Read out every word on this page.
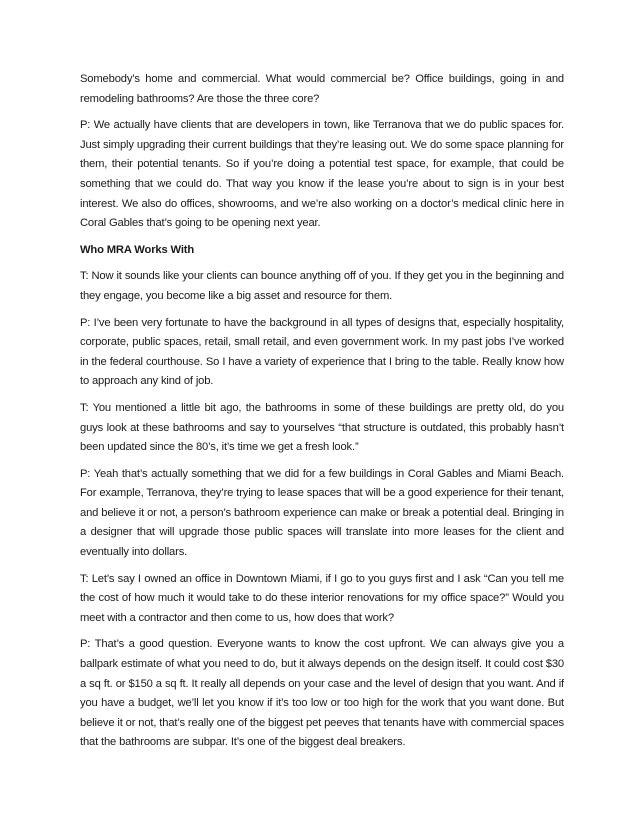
Somebody’s home and commercial. What would commercial be? Office buildings, going in and remodeling bathrooms? Are those the three core?

P: We actually have clients that are developers in town, like Terranova that we do public spaces for. Just simply upgrading their current buildings that they’re leasing out. We do some space planning for them, their potential tenants. So if you’re doing a potential test space, for example, that could be something that we could do. That way you know if the lease you’re about to sign is in your best interest. We also do offices, showrooms, and we’re also working on a doctor’s medical clinic here in Coral Gables that’s going to be opening next year.

Who MRA Works With

T: Now it sounds like your clients can bounce anything off of you. If they get you in the beginning and they engage, you become like a big asset and resource for them.

P: I’ve been very fortunate to have the background in all types of designs that, especially hospitality, corporate, public spaces, retail, small retail, and even government work. In my past jobs I’ve worked in the federal courthouse. So I have a variety of experience that I bring to the table. Really know how to approach any kind of job.

T: You mentioned a little bit ago, the bathrooms in some of these buildings are pretty old, do you guys look at these bathrooms and say to yourselves “that structure is outdated, this probably hasn’t been updated since the 80’s, it’s time we get a fresh look.”

P: Yeah that’s actually something that we did for a few buildings in Coral Gables and Miami Beach. For example, Terranova, they’re trying to lease spaces that will be a good experience for their tenant, and believe it or not, a person’s bathroom experience can make or break a potential deal. Bringing in a designer that will upgrade those public spaces will translate into more leases for the client and eventually into dollars.

T: Let’s say I owned an office in Downtown Miami, if I go to you guys first and I ask “Can you tell me the cost of how much it would take to do these interior renovations for my office space?” Would you meet with a contractor and then come to us, how does that work?

P: That’s a good question. Everyone wants to know the cost upfront. We can always give you a ballpark estimate of what you need to do, but it always depends on the design itself. It could cost $30 a sq ft. or $150 a sq ft. It really all depends on your case and the level of design that you want. And if you have a budget, we’ll let you know if it’s too low or too high for the work that you want done. But believe it or not, that’s really one of the biggest pet peeves that tenants have with commercial spaces that the bathrooms are subpar. It’s one of the biggest deal breakers.
